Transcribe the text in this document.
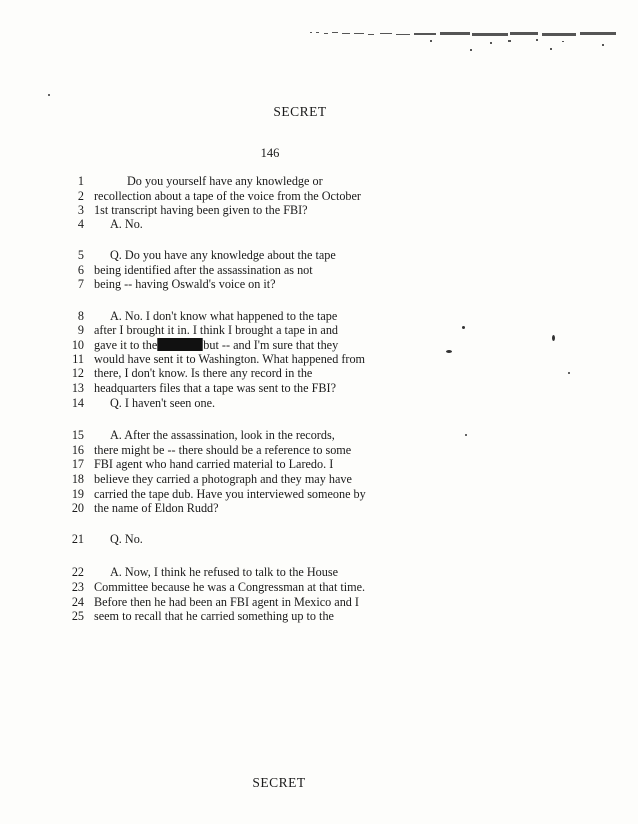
SECRET
146
1	Do you yourself have any knowledge or
2 recollection about a tape of the voice from the October
3 1st transcript having been given to the FBI?
4 A. No.
5 Q. Do you have any knowledge about the tape
6 being identified after the assassination as not
7 being -- having Oswald's voice on it?
8 A. No. I don't know what happened to the tape
9 after I brought it in. I think I brought a tape in and
10 gave it to the	but -- and I'm sure that they
11 would have sent it to Washington. What happened from
12 there, I don't know. Is there any record in the
13 headquarters files that a tape was sent to the FBI?
14 Q. I haven't seen one.
15 A. After the assassination, look in the records,
16 there might be -- there should be a reference to some
17 FBI agent who hand carried material to Laredo. I
18 believe they carried a photograph and they may have
19 carried the tape dub. Have you interviewed someone by
20 the name of Eldon Rudd?
21 Q. No.
22 A. Now, I think he refused to talk to the House
23 Committee because he was a Congressman at that time.
24 Before then he had been an FBI agent in Mexico and I
25 seem to recall that he carried something up to the
SECRET
